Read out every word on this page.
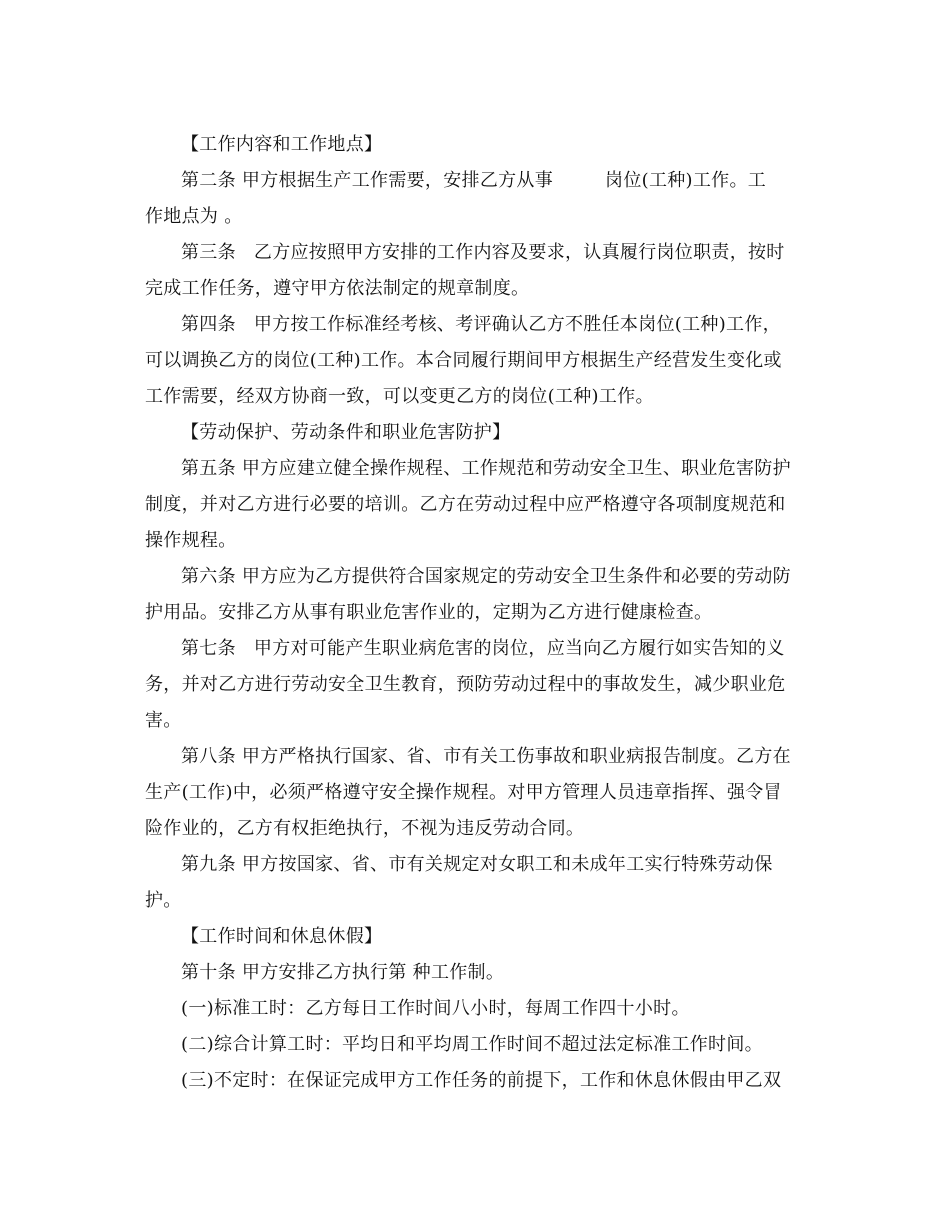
【工作内容和工作地点】
第二条 甲方根据生产工作需要，安排乙方从事	岗位(工种)工作。工
作地点为 。
第三条 乙方应按照甲方安排的工作内容及要求，认真履行岗位职责，按时
完成工作任务，遵守甲方依法制定的规章制度。
第四条 甲方按工作标准经考核、考评确认乙方不胜任本岗位(工种)工作，
可以调换乙方的岗位(工种)工作。本合同履行期间甲方根据生产经营发生变化或
工作需要，经双方协商一致，可以变更乙方的岗位(工种)工作。
【劳动保护、劳动条件和职业危害防护】
第五条 甲方应建立健全操作规程、工作规范和劳动安全卫生、职业危害防护
制度，并对乙方进行必要的培训。乙方在劳动过程中应严格遵守各项制度规范和
操作规程。
第六条 甲方应为乙方提供符合国家规定的劳动安全卫生条件和必要的劳动防
护用品。安排乙方从事有职业危害作业的，定期为乙方进行健康检查。
第七条 甲方对可能产生职业病危害的岗位，应当向乙方履行如实告知的义
务，并对乙方进行劳动安全卫生教育，预防劳动过程中的事故发生，减少职业危
害。
第八条 甲方严格执行国家、省、市有关工伤事故和职业病报告制度。乙方在
生产(工作)中，必须严格遵守安全操作规程。对甲方管理人员违章指挥、强令冒
险作业的，乙方有权拒绝执行，不视为违反劳动合同。
第九条 甲方按国家、省、市有关规定对女职工和未成年工实行特殊劳动保
护。
【工作时间和休息休假】
第十条 甲方安排乙方执行第 种工作制。
(一)标准工时：乙方每日工作时间八小时，每周工作四十小时。
(二)综合计算工时：平均日和平均周工作时间不超过法定标准工作时间。
(三)不定时：在保证完成甲方工作任务的前提下，工作和休息休假由甲乙双
